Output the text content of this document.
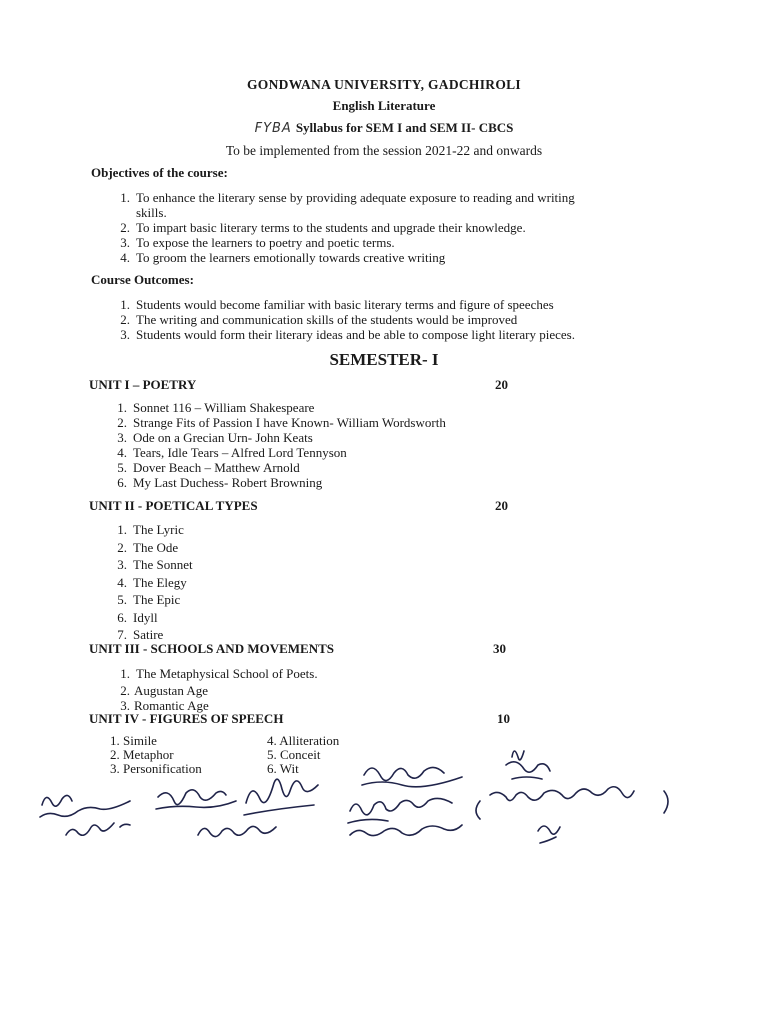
GONDWANA UNIVERSITY, GADCHIROLI
English Literature
FYBA Syllabus for SEM I and SEM II- CBCS
To be implemented from the session 2021-22 and onwards
Objectives of the course:
1. To enhance the literary sense by providing adequate exposure to reading and writing
skills.
2. To impart basic literary terms to the students and upgrade their knowledge.
3. To expose the learners to poetry and poetic terms.
4. To groom the learners emotionally towards creative writing
Course Outcomes:
1. Students would become familiar with basic literary terms and figure of speeches
2. The writing and communication skills of the students would be improved
3. Students would form their literary ideas and be able to compose light literary pieces.
SEMESTER- I
UNIT I – POETRY	20
1. Sonnet 116 – William Shakespeare
2. Strange Fits of Passion I have Known- William Wordsworth
3. Ode on a Grecian Urn- John Keats
4. Tears, Idle Tears – Alfred Lord Tennyson
5. Dover Beach – Matthew Arnold
6. My Last Duchess- Robert Browning
UNIT II - POETICAL TYPES	20
1. The Lyric
2. The Ode
3. The Sonnet
4. The Elegy
5. The Epic
6. Idyll
7. Satire
UNIT III - SCHOOLS AND MOVEMENTS	30
1. The Metaphysical School of Poets.
2. Augustan Age
3. Romantic Age
UNIT IV - FIGURES OF SPEECH	10
1. Simile
2. Metaphor
3. Personification
4. Alliteration
5. Conceit
6. Wit
